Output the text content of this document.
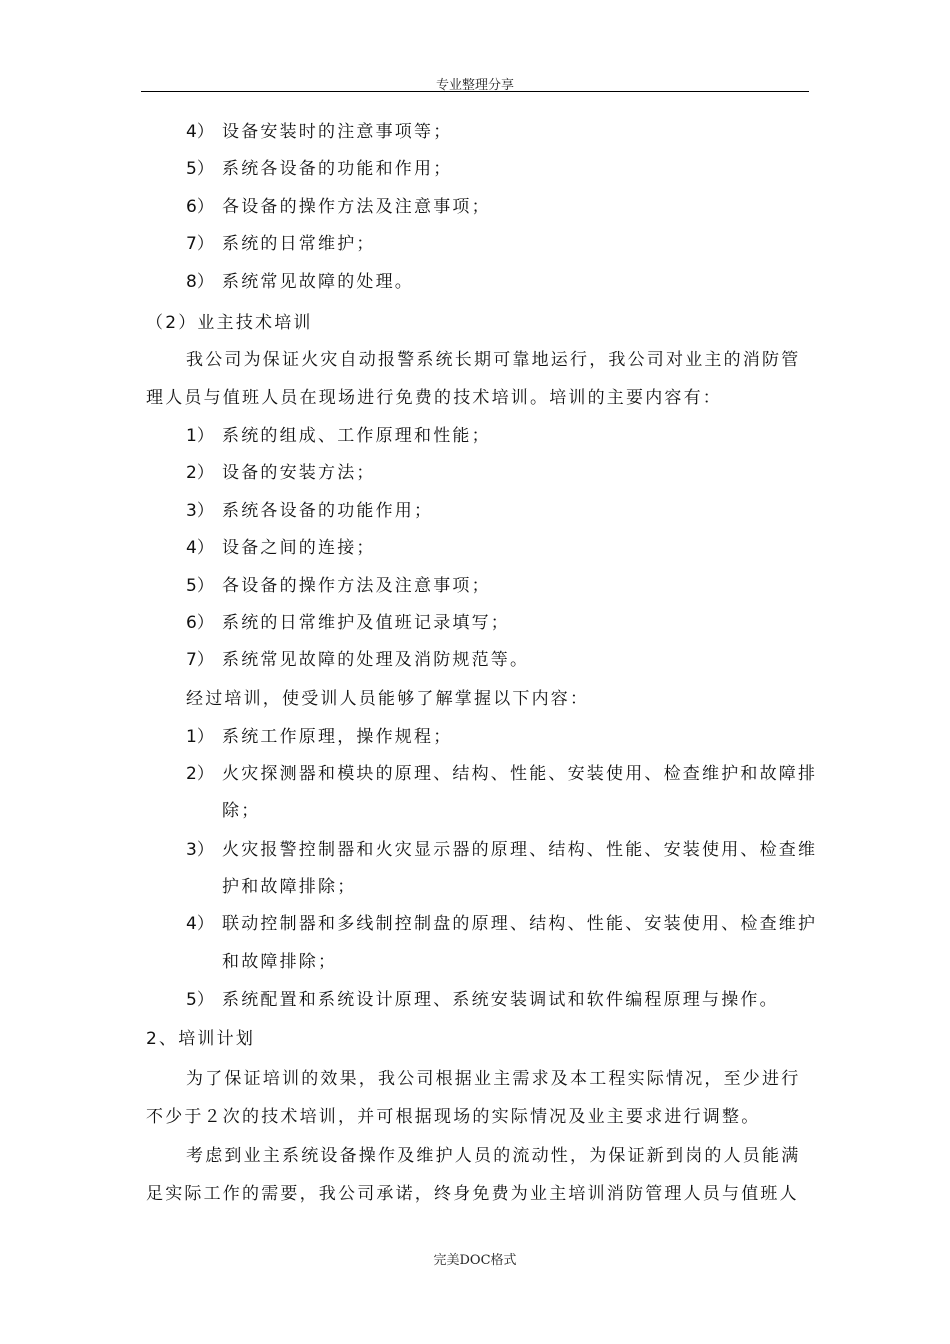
专业整理分享
4） 设备安装时的注意事项等；
5） 系统各设备的功能和作用；
6） 各设备的操作方法及注意事项；
7） 系统的日常维护；
8） 系统常见故障的处理。
（2）业主技术培训
我公司为保证火灾自动报警系统长期可靠地运行，我公司对业主的消防管
理人员与值班人员在现场进行免费的技术培训。培训的主要内容有：
1） 系统的组成、工作原理和性能；
2） 设备的安装方法；
3） 系统各设备的功能作用；
4） 设备之间的连接；
5） 各设备的操作方法及注意事项；
6） 系统的日常维护及值班记录填写；
7） 系统常见故障的处理及消防规范等。
经过培训，使受训人员能够了解掌握以下内容：
1） 系统工作原理，操作规程；
2） 火灾探测器和模块的原理、结构、性能、安装使用、检查维护和故障排
除；
3） 火灾报警控制器和火灾显示器的原理、结构、性能、安装使用、检查维
护和故障排除；
4） 联动控制器和多线制控制盘的原理、结构、性能、安装使用、检查维护
和故障排除；
5） 系统配置和系统设计原理、系统安装调试和软件编程原理与操作。
2、培训计划
为了保证培训的效果，我公司根据业主需求及本工程实际情况，至少进行
不少于２次的技术培训，并可根据现场的实际情况及业主要求进行调整。
考虑到业主系统设备操作及维护人员的流动性，为保证新到岗的人员能满
足实际工作的需要，我公司承诺，终身免费为业主培训消防管理人员与值班人
完美DOC格式
